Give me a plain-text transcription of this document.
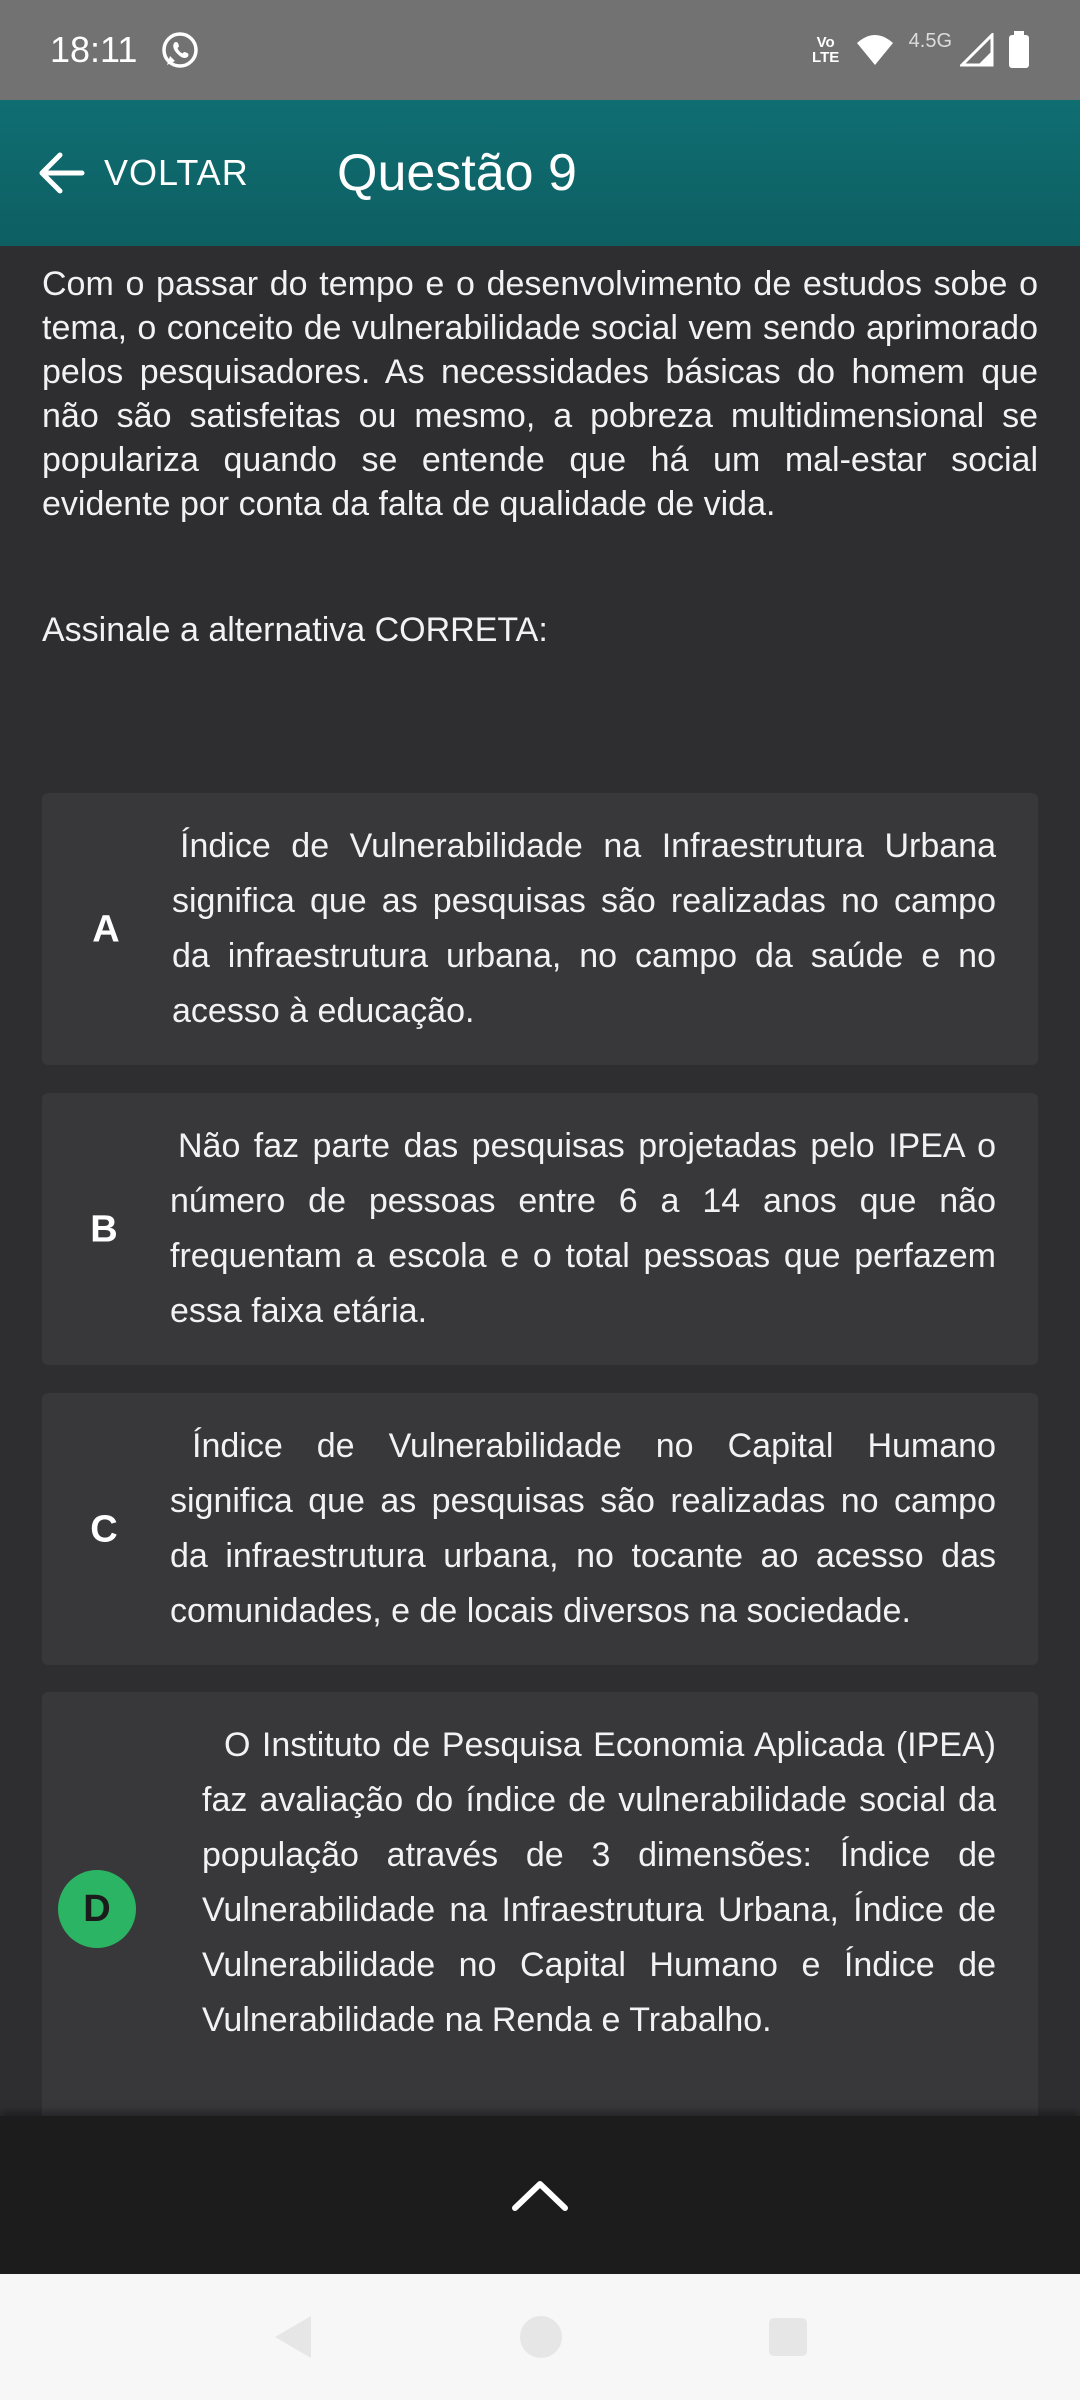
18:11	Vo LTE
4.5G
VOLTAR Questão 9

Com o passar do tempo e o desenvolvimento de estudos sobe o tema, o conceito de vulnerabilidade social vem sendo aprimorado pelos pesquisadores. As necessidades básicas do homem que não são satisfeitas ou mesmo, a pobreza multidimensional se populariza quando se entende que há um mal-estar social evidente por conta da falta de qualidade de vida.

Assinale a alternativa CORRETA:

A

Índice de Vulnerabilidade na Infraestrutura Urbana significa que as pesquisas são realizadas no campo da infraestrutura urbana, no campo da saúde e no acesso à educação.

B

Não faz parte das pesquisas projetadas pelo IPEA o número de pessoas entre 6 a 14 anos que não frequentam a escola e o total pessoas que perfazem essa faixa etária.

C

Índice de Vulnerabilidade no Capital Humano significa que as pesquisas são realizadas no campo da infraestrutura urbana, no tocante ao acesso das comunidades, e de locais diversos na sociedade.

D

O Instituto de Pesquisa Economia Aplicada (IPEA) faz avaliação do índice de vulnerabilidade social da população através de 3 dimensões: Índice de Vulnerabilidade na Infraestrutura Urbana, Índice de Vulnerabilidade no Capital Humano e Índice de Vulnerabilidade na Renda e Trabalho.
